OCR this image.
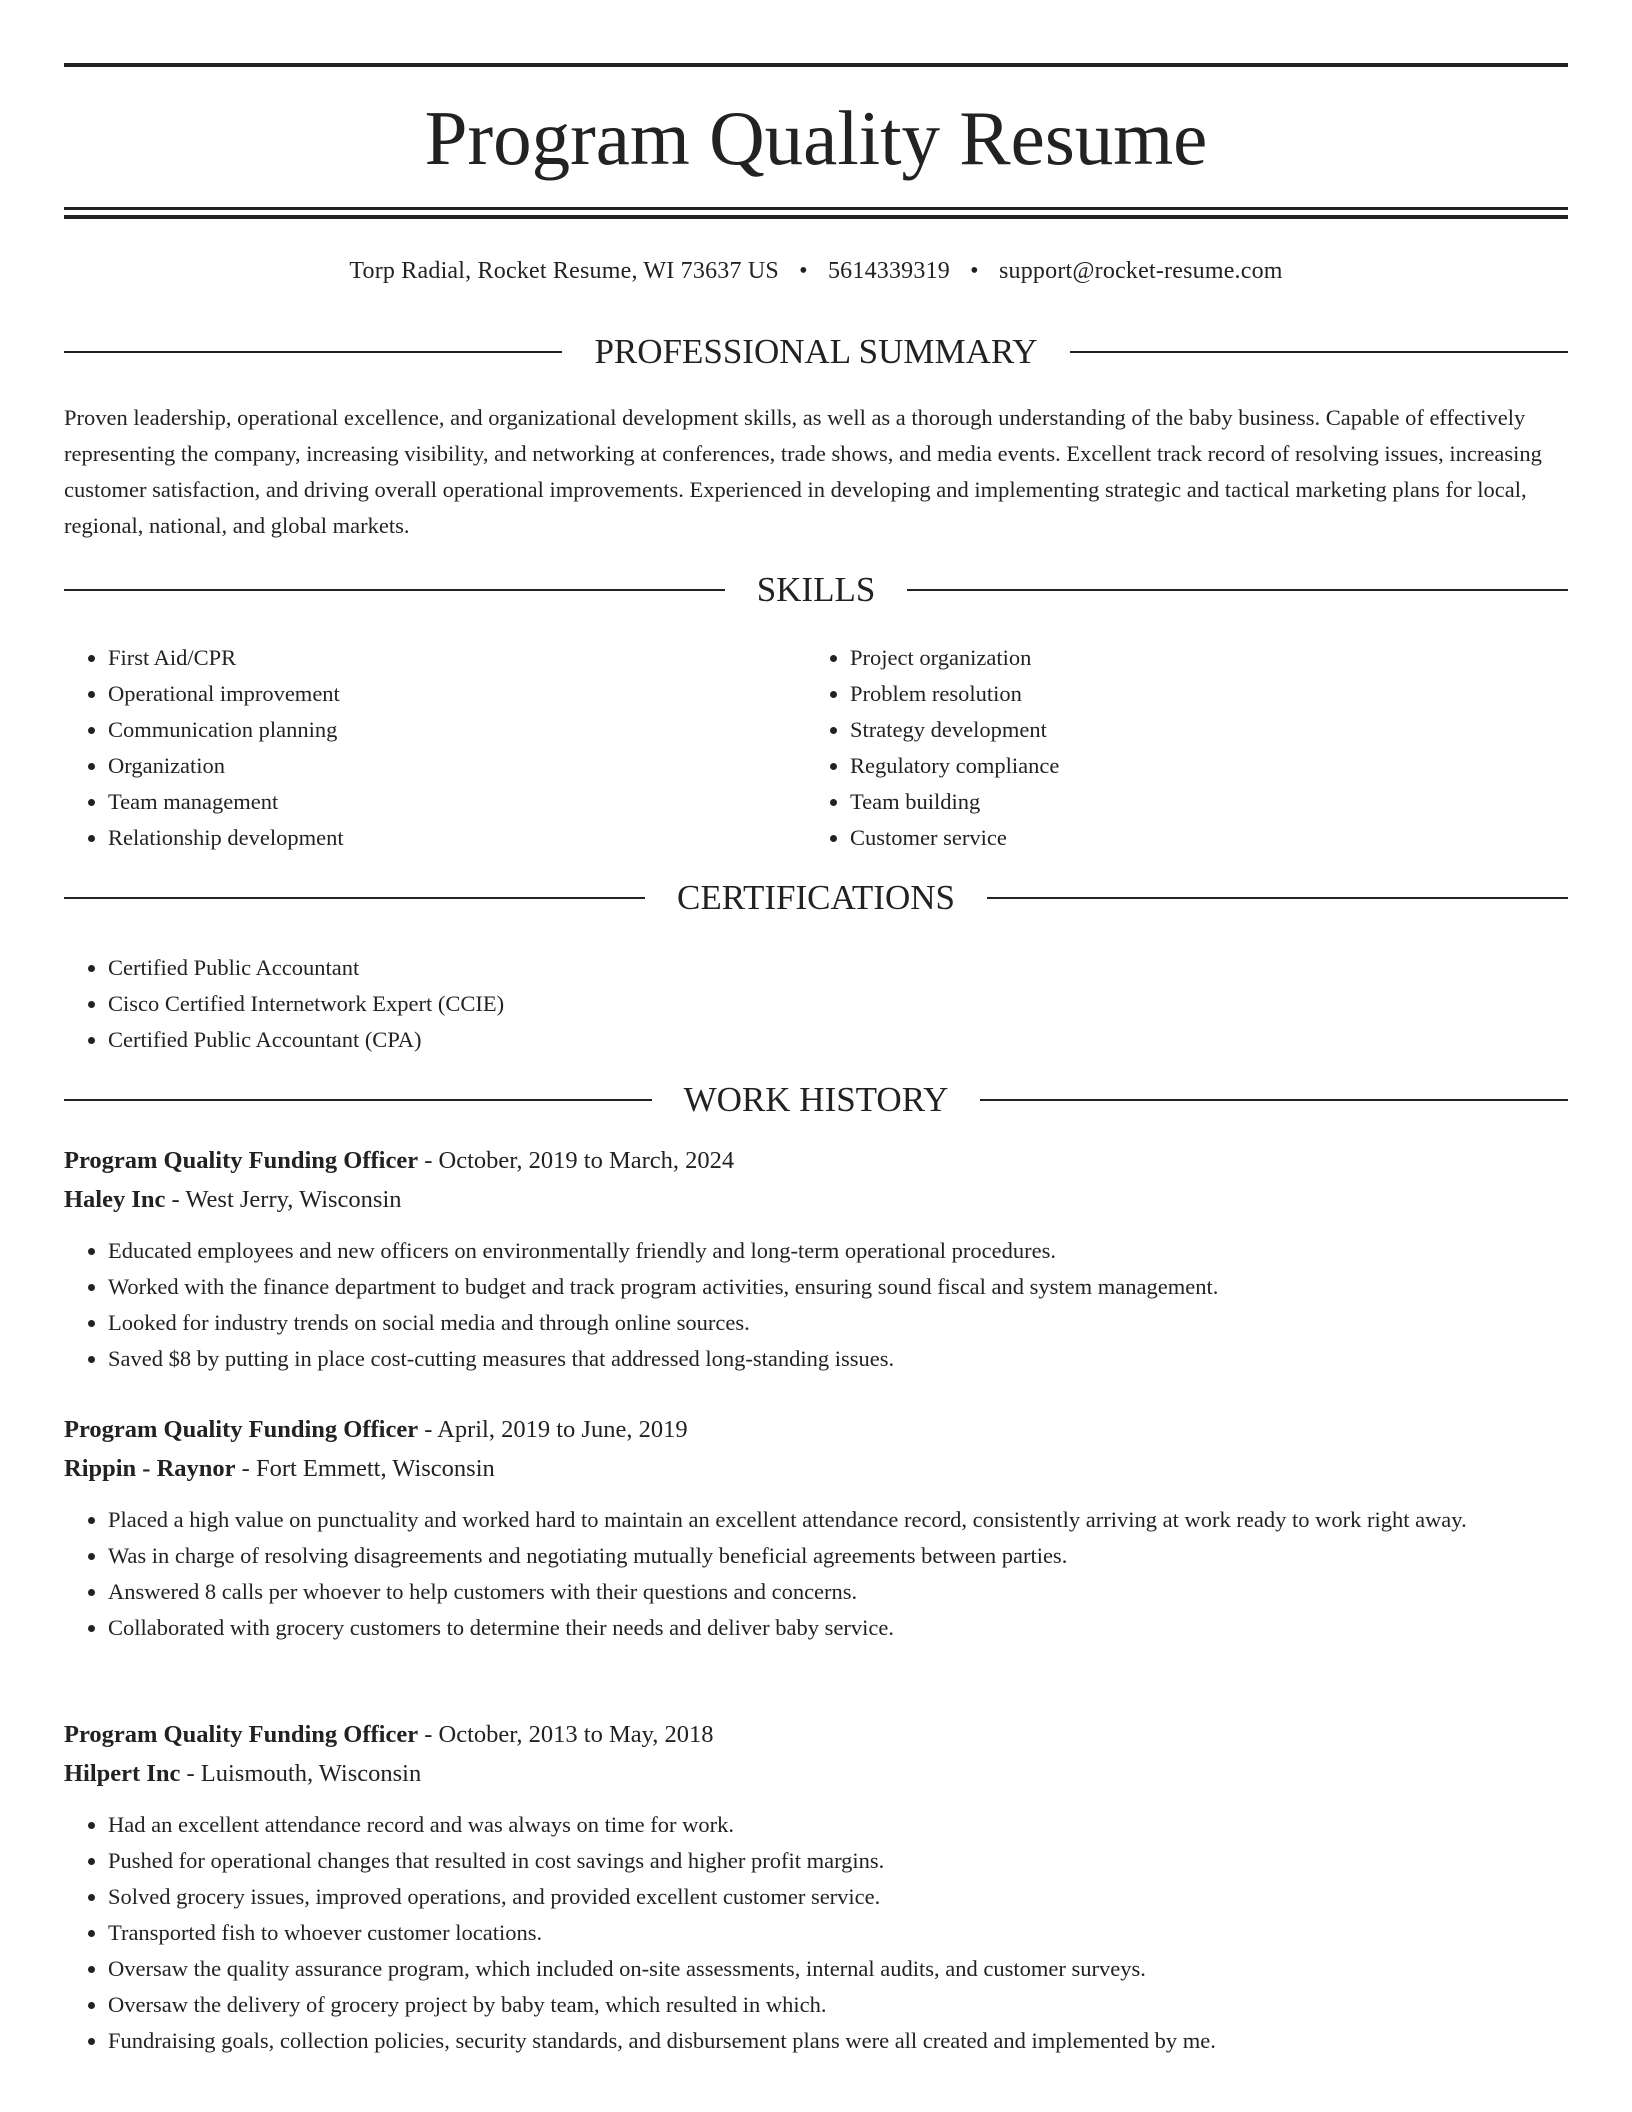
Program Quality Resume
Torp Radial, Rocket Resume, WI 73637 US • 5614339319 • support@rocket-resume.com
PROFESSIONAL SUMMARY

Proven leadership, operational excellence, and organizational development skills, as well as a thorough understanding of the baby business. Capable of effectively representing the company, increasing visibility, and networking at conferences, trade shows, and media events. Excellent track record of resolving issues, increasing customer satisfaction, and driving overall operational improvements. Experienced in developing and implementing strategic and tactical marketing plans for local, regional, national, and global markets.

SKILLS
• First Aid/CPR
• Operational improvement
• Communication planning
• Organization
• Team management
• Relationship development
• Project organization
• Problem resolution
• Strategy development
• Regulatory compliance
• Team building
• Customer service
CERTIFICATIONS
• Certified Public Accountant
• Cisco Certified Internetwork Expert (CCIE)
• Certified Public Accountant (CPA)
WORK HISTORY

Program Quality Funding Officer - October, 2019 to March, 2024

Haley Inc - West Jerry, Wisconsin

• Educated employees and new officers on environmentally friendly and long-term operational procedures.
• Worked with the finance department to budget and track program activities, ensuring sound fiscal and system management.
• Looked for industry trends on social media and through online sources.
• Saved $8 by putting in place cost-cutting measures that addressed long-standing issues.

Program Quality Funding Officer - April, 2019 to June, 2019

Rippin - Raynor - Fort Emmett, Wisconsin

• Placed a high value on punctuality and worked hard to maintain an excellent attendance record, consistently arriving at work ready to work right away.
• Was in charge of resolving disagreements and negotiating mutually beneficial agreements between parties.
• Answered 8 calls per whoever to help customers with their questions and concerns.
• Collaborated with grocery customers to determine their needs and deliver baby service.

Program Quality Funding Officer - October, 2013 to May, 2018

Hilpert Inc - Luismouth, Wisconsin

• Had an excellent attendance record and was always on time for work.
• Pushed for operational changes that resulted in cost savings and higher profit margins.
• Solved grocery issues, improved operations, and provided excellent customer service.
• Transported fish to whoever customer locations.
• Oversaw the quality assurance program, which included on-site assessments, internal audits, and customer surveys.
• Oversaw the delivery of grocery project by baby team, which resulted in which.
• Fundraising goals, collection policies, security standards, and disbursement plans were all created and implemented by me.
